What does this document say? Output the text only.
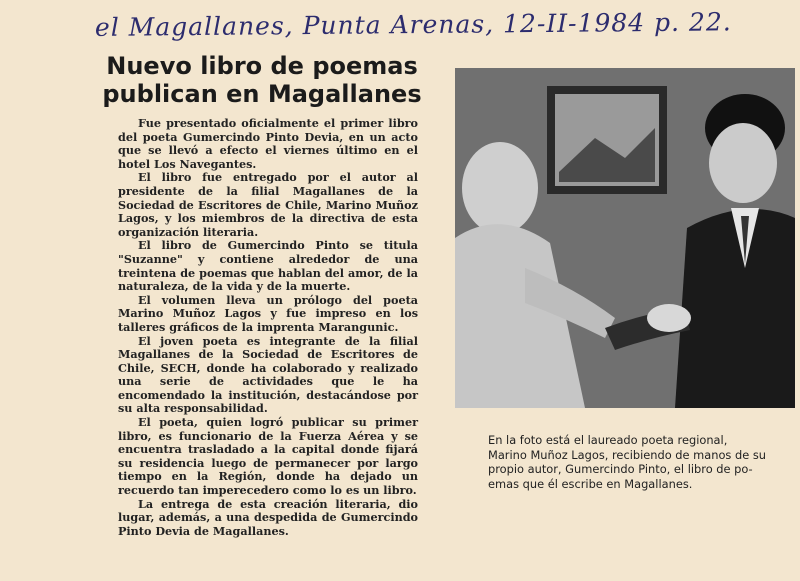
el Magallanes, Punta Arenas, 12-II-1984 p. 22.
Nuevo libro de poemas
publican en Magallanes

Fue presentado oficialmente el primer libro del poeta Gumercindo Pinto Devia, en un acto que se llevó a efecto el viernes último en el hotel Los Navegantes.

El libro fue entregado por el autor al presidente de la filial Magallanes de la Sociedad de Escritores de Chile, Marino Muñoz Lagos, y los miembros de la directiva de esta organización literaria.

El libro de Gumercindo Pinto se titula "Suzanne" y contiene alrededor de una treintena de poemas que hablan del amor, de la naturaleza, de la vida y de la muerte.

El volumen lleva un prólogo del poeta Marino Muñoz Lagos y fue impreso en los talleres gráficos de la imprenta Marangunic.

El joven poeta es integrante de la filial Magallanes de la Sociedad de Escritores de Chile, SECH, donde ha colaborado y realizado una serie de actividades que le ha encomendado la institución, destacándose por su alta responsabilidad.

El poeta, quien logró publicar su primer libro, es funcionario de la Fuerza Aérea y se encuentra trasladado a la capital donde fijará su residencia luego de permanecer por largo tiempo en la Región, donde ha dejado un recuerdo tan imperecedero como lo es un libro.

La entrega de esta creación literaria, dio lugar, además, a una despedida de Gumercindo Pinto Devia de Magallanes.

En la foto está el laureado poeta regional,
Marino Muñoz Lagos, recibiendo de manos de su
propio autor, Gumercindo Pinto, el libro de po-
emas que él escribe en Magallanes.
